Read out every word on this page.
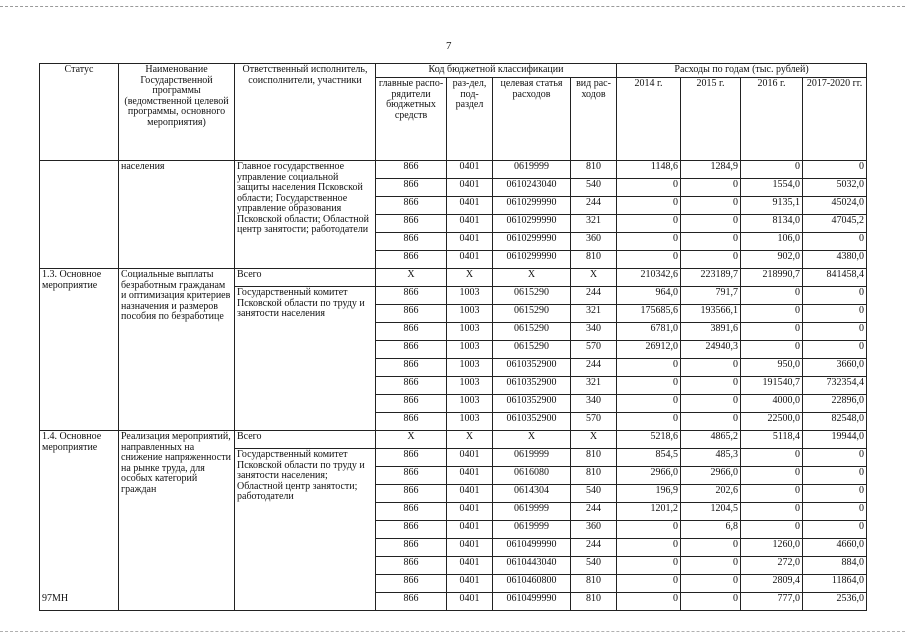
7
Статус	Наименование Государственной программы (ведомственной целевой программы, основного мероприятия)	Ответственный исполнитель, соисполнители, участники	Код бюджетной классификации				Расходы по годам (тыс. рублей)			
			главные распо-рядители бюджетных средств	раз-дел, под-раздел	целевая статья расходов	вид рас-ходов	2014 г.	2015 г.	2016 г.	2017-2020 гг.
	населения	Главное государственное управление социальной защиты населения Псковской области; Государственное управление образования Псковской области; Областной центр занятости; работодатели	866	0401	0619999	810	1148,6	1284,9	0	0
			866	0401	0610243040	540	0	0	1554,0	5032,0
			866	0401	0610299990	244	0	0	9135,1	45024,0
			866	0401	0610299990	321	0	0	8134,0	47045,2
			866	0401	0610299990	360	0	0	106,0	0
			866	0401	0610299990	810	0	0	902,0	4380,0
1.3. Основное мероприятие	Социальные выплаты безработным гражданам и оптимизация критериев назначения и размеров пособия по безработице	Всего	X	X	X	X	210342,6	223189,7	218990,7	841458,4
		Государственный комитет Псковской области по труду и занятости населения	866	1003	0615290	244	964,0	791,7	0	0
			866	1003	0615290	321	175685,6	193566,1	0	0
			866	1003	0615290	340	6781,0	3891,6	0	0
			866	1003	0615290	570	26912,0	24940,3	0	0
			866	1003	0610352900	244	0	0	950,0	3660,0
			866	1003	0610352900	321	0	0	191540,7	732354,4
			866	1003	0610352900	340	0	0	4000,0	22896,0
			866	1003	0610352900	570	0	0	22500,0	82548,0
1.4. Основное мероприятие	Реализация мероприятий, направленных на снижение напряженности на рынке труда, для особых категорий граждан	Всего	X	X	X	X	5218,6	4865,2	5118,4	19944,0
		Государственный комитет Псковской области по труду и занятости населения; Областной центр занятости; работодатели	866	0401	0619999	810	854,5	485,3	0	0
			866	0401	0616080	810	2966,0	2966,0	0	0
			866	0401	0614304	540	196,9	202,6	0	0
			866	0401	0619999	244	1201,2	1204,5	0	0
			866	0401	0619999	360	0	6,8	0	0
			866	0401	0610499990	244	0	0	1260,0	4660,0
			866	0401	0610443040	540	0	0	272,0	884,0
			866	0401	0610460800	810	0	0	2809,4	11864,0
			866	0401	0610499990	810	0	0	777,0	2536,0
97МН
